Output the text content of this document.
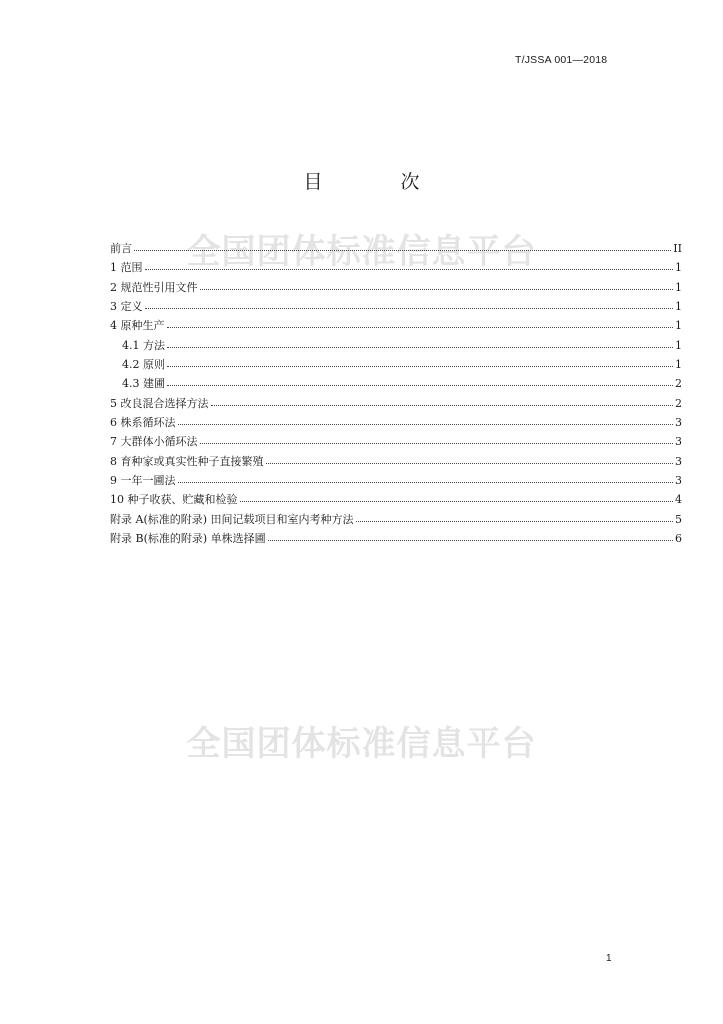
T/JSSA 001—2018
全国团体标准信息平台
全国团体标准信息平台
目 次
前言	II
1 范围	1
2 规范性引用文件	1
3 定义	1
4 原种生产	1
4.1 方法	1
4.2 原则	1
4.3 建圃	2
5 改良混合选择方法	2
6 株系循环法	3
7 大群体小循环法	3
8 育种家或真实性种子直接繁殖	3
9 一年一圃法	3
10 种子收获、贮藏和检验	4
附录 A(标准的附录) 田间记载项目和室内考种方法	5
附录 B(标准的附录) 单株选择圃	6
1
